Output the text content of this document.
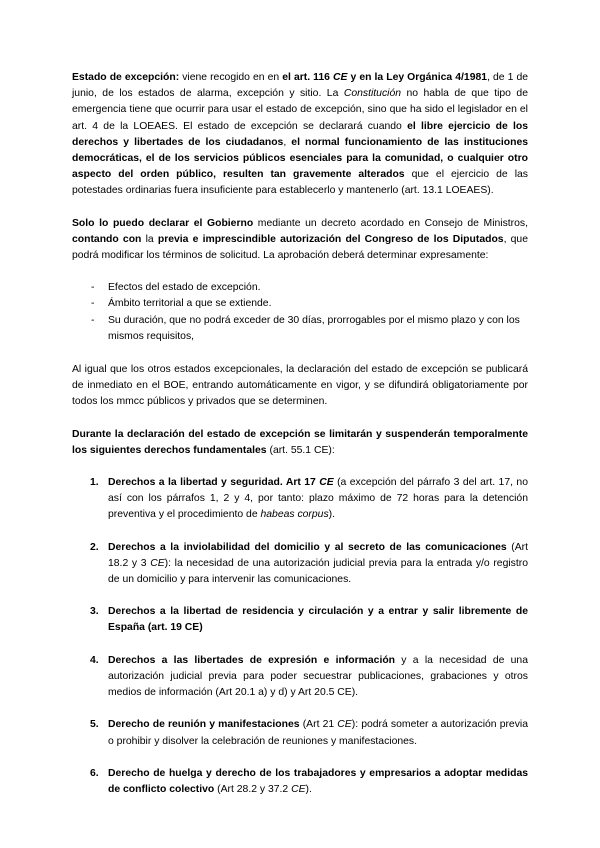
Estado de excepción: viene recogido en en el art. 116 CE y en la Ley Orgánica 4/1981, de 1 de junio, de los estados de alarma, excepción y sitio. La Constitución no habla de que tipo de emergencia tiene que ocurrir para usar el estado de excepción, sino que ha sido el legislador en el art. 4 de la LOEAES. El estado de excepción se declarará cuando el libre ejercicio de los derechos y libertades de los ciudadanos, el normal funcionamiento de las instituciones democráticas, el de los servicios públicos esenciales para la comunidad, o cualquier otro aspecto del orden público, resulten tan gravemente alterados que el ejercicio de las potestades ordinarias fuera insuficiente para establecerlo y mantenerlo (art. 13.1 LOEAES).

Solo lo puedo declarar el Gobierno mediante un decreto acordado en Consejo de Ministros, contando con la previa e imprescindible autorización del Congreso de los Diputados, que podrá modificar los términos de solicitud. La aprobación deberá determinar expresamente:

- Efectos del estado de excepción.
- Ámbito territorial a que se extiende.
- Su duración, que no podrá exceder de 30 días, prorrogables por el mismo plazo y con los mismos requisitos,

Al igual que los otros estados excepcionales, la declaración del estado de excepción se publicará de inmediato en el BOE, entrando automáticamente en vigor, y se difundirá obligatoriamente por todos los mmcc públicos y privados que se determinen.

Durante la declaración del estado de excepción se limitarán y suspenderán temporalmente los siguientes derechos fundamentales (art. 55.1 CE):

1. Derechos a la libertad y seguridad. Art 17 CE (a excepción del párrafo 3 del art. 17, no así con los párrafos 1, 2 y 4, por tanto: plazo máximo de 72 horas para la detención preventiva y el procedimiento de habeas corpus).
2. Derechos a la inviolabilidad del domicilio y al secreto de las comunicaciones (Art 18.2 y 3 CE): la necesidad de una autorización judicial previa para la entrada y/o registro de un domicilio y para intervenir las comunicaciones.
3. Derechos a la libertad de residencia y circulación y a entrar y salir libremente de España (art. 19 CE)
4. Derechos a las libertades de expresión e información y a la necesidad de una autorización judicial previa para poder secuestrar publicaciones, grabaciones y otros medios de información (Art 20.1 a) y d) y Art 20.5 CE).
5. Derecho de reunión y manifestaciones (Art 21 CE): podrá someter a autorización previa o prohibir y disolver la celebración de reuniones y manifestaciones.
6. Derecho de huelga y derecho de los trabajadores y empresarios a adoptar medidas de conflicto colectivo (Art 28.2 y 37.2 CE).
